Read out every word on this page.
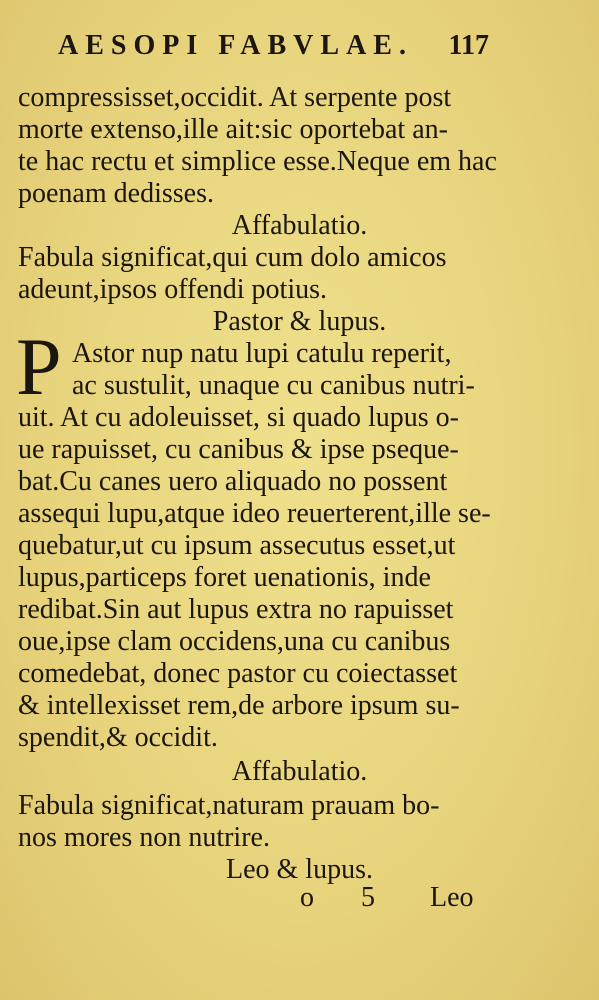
AESOPI FABVLAE. 117
compressisset,occidit. At serpente post
morte extenso,ille ait:sic oportebat an-
te hac rectu et simplice esse.Neque em hac
poenam dedisses.
Affabulatio.
Fabula significat,qui cum dolo amicos
adeunt,ipsos offendi potius.
Pastor & lupus.
P Astor nup natu lupi catulu reperit,
ac sustulit, unaque cu canibus nutri-
uit. At cu adoleuisset, si quado lupus o-
ue rapuisset, cu canibus & ipse pseque-
bat.Cu canes uero aliquado no possent
assequi lupu,atque ideo reuerterent,ille se-
quebatur,ut cu ipsum assecutus esset,ut
lupus,particeps foret uenationis, inde
redibat.Sin aut lupus extra no rapuisset
oue,ipse clam occidens,una cu canibus
comedebat, donec pastor cu coiectasset
& intellexisset rem,de arbore ipsum su-
spendit,& occidit.
Affabulatio.
Fabula significat,naturam prauam bo-
nos mores non nutrire.
Leo & lupus.
o 5 Leo
